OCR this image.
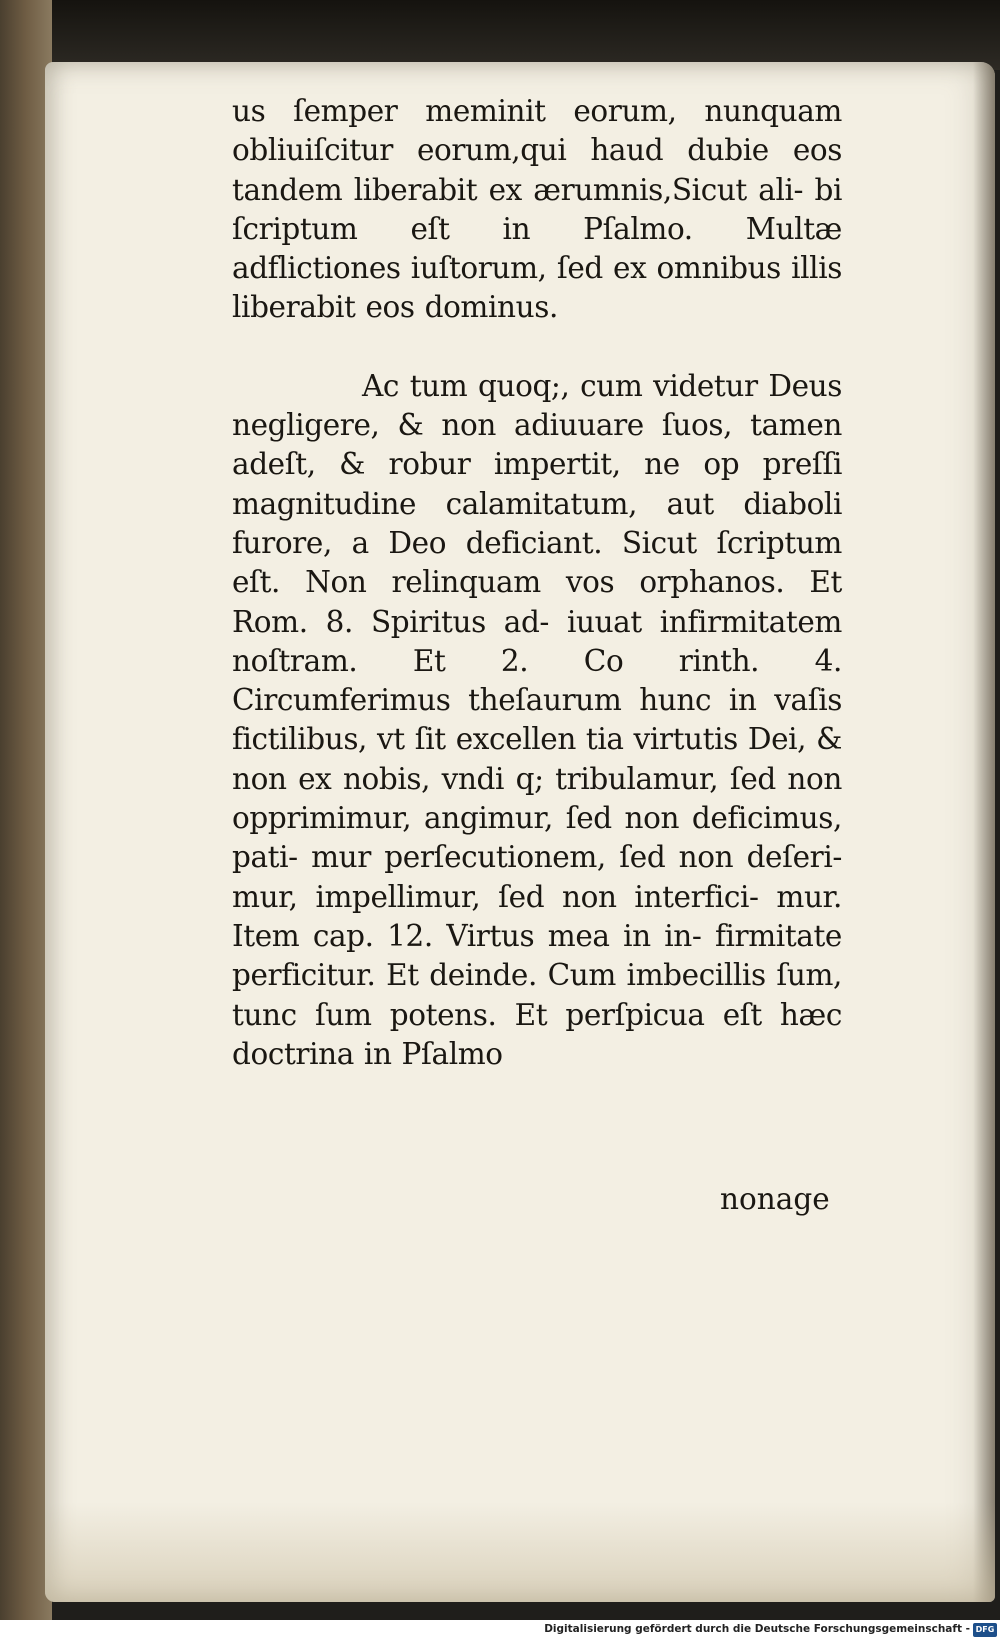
us ſemper meminit eorum, nunquam obliuiſcitur eorum,qui haud dubie eos tandem liberabit ex ærumnis,Sicut ali- bi ſcriptum eſt in Pſalmo. Multæ adflictiones iuſtorum, ſed ex omnibus illis liberabit eos dominus.

Ac tum quoq;, cum videtur Deus negligere, & non adiuuare ſuos, tamen adeſt, & robur impertit, ne op preſſi magnitudine calamitatum, aut diaboli furore, a Deo deficiant. Sicut ſcriptum eſt. Non relinquam vos orphanos. Et Rom. 8. Spiritus ad- iuuat infirmitatem noſtram. Et 2. Co rinth. 4. Circumferimus theſaurum hunc in vaſis fictilibus, vt ſit excellen tia virtutis Dei, & non ex nobis, vndi q; tribulamur, ſed non opprimimur, angimur, ſed non deficimus, pati- mur perſecutionem, ſed non deſeri- mur, impellimur, ſed non interfici- mur. Item cap. 12. Virtus mea in in- firmitate perficitur. Et deinde. Cum imbecillis ſum, tunc ſum potens. Et perſpicua eſt hæc doctrina in Pſalmo

nonage
Digitalisierung gefördert durch die Deutsche Forschungsgemeinschaft - DFG
